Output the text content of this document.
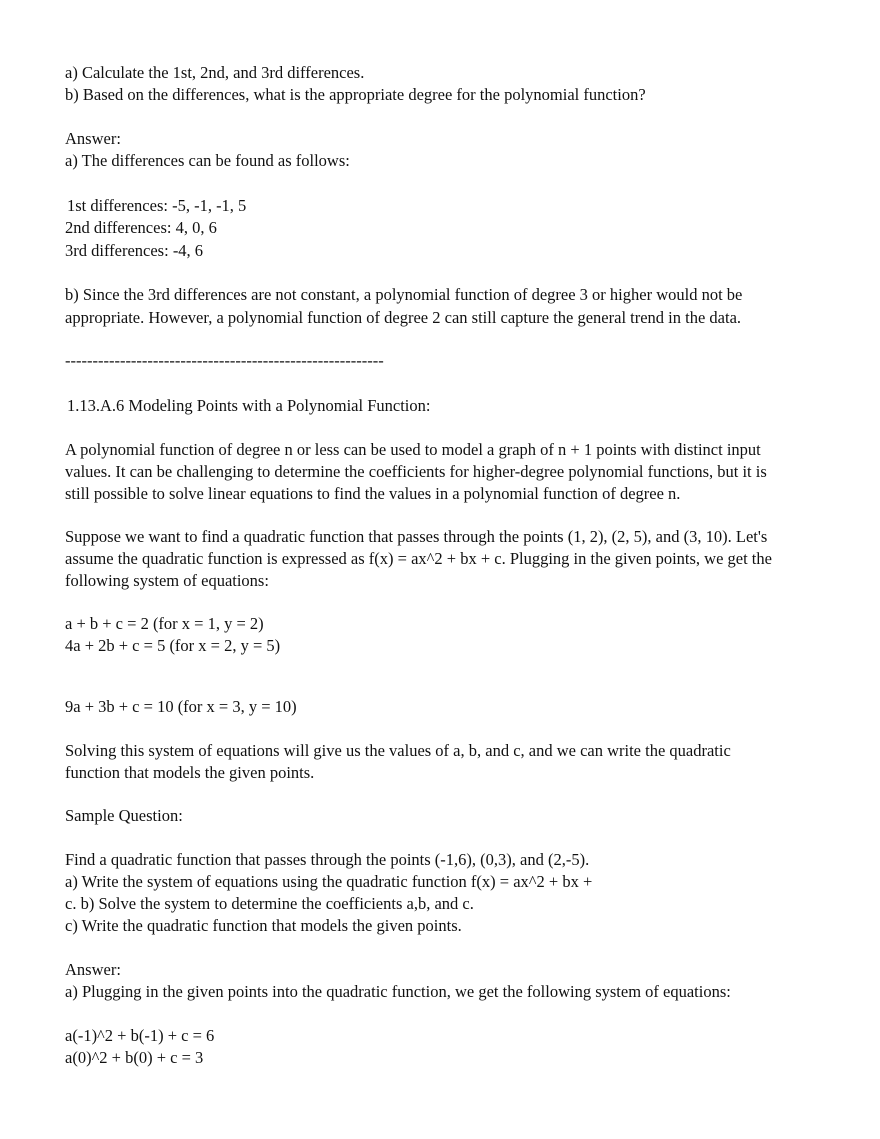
a) Calculate the 1st, 2nd, and 3rd differences.
b) Based on the differences, what is the appropriate degree for the polynomial function?
Answer:
a) The differences can be found as follows:
1st differences: -5, -1, -1, 5
2nd differences: 4, 0, 6
3rd differences: -4, 6
b) Since the 3rd differences are not constant, a polynomial function of degree 3 or higher would not be
appropriate. However, a polynomial function of degree 2 can still capture the general trend in the data.
----------------------------------------------------------
1.13.A.6 Modeling Points with a Polynomial Function:
A polynomial function of degree n or less can be used to model a graph of n + 1 points with distinct input
values. It can be challenging to determine the coefficients for higher-degree polynomial functions, but it is
still possible to solve linear equations to find the values in a polynomial function of degree n.
Suppose we want to find a quadratic function that passes through the points (1, 2), (2, 5), and (3, 10). Let's
assume the quadratic function is expressed as f(x) = ax^2 + bx + c. Plugging in the given points, we get the
following system of equations:
a + b + c = 2 (for x = 1, y = 2)
4a + 2b + c = 5 (for x = 2, y = 5)
9a + 3b + c = 10 (for x = 3, y = 10)
Solving this system of equations will give us the values of a, b, and c, and we can write the quadratic
function that models the given points.
Sample Question:
Find a quadratic function that passes through the points (-1,6), (0,3), and (2,-5).
a) Write the system of equations using the quadratic function f(x) = ax^2 + bx +
c. b) Solve the system to determine the coefficients a,b, and c.
c) Write the quadratic function that models the given points.
Answer:
a) Plugging in the given points into the quadratic function, we get the following system of equations:
a(-1)^2 + b(-1) + c = 6
a(0)^2 + b(0) + c = 3
